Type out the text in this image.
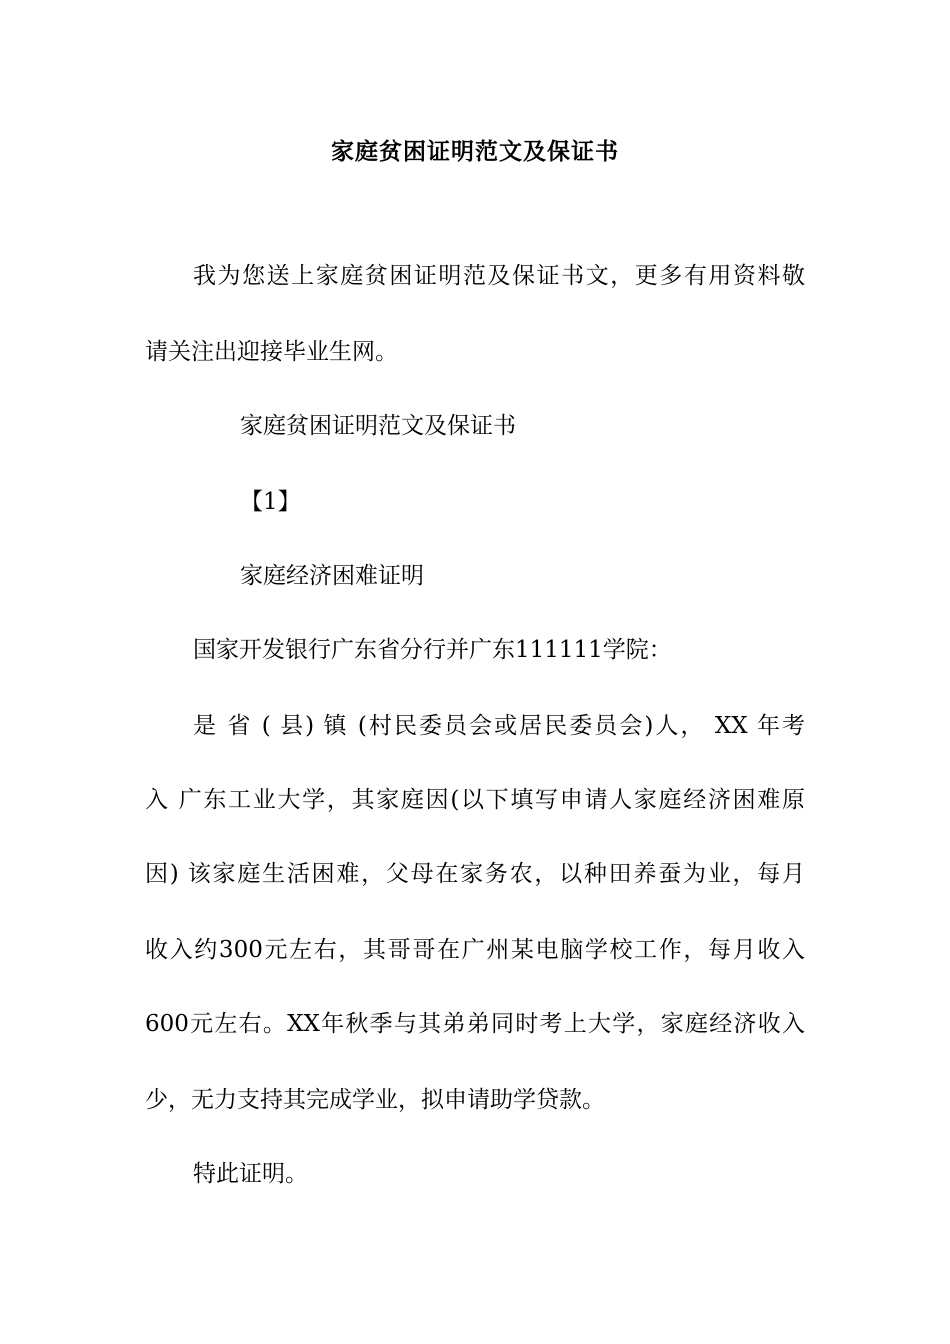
家庭贫困证明范文及保证书
我为您送上家庭贫困证明范及保证书文，更多有用资料敬
请关注出迎接毕业生网。
家庭贫困证明范文及保证书
【1】
家庭经济困难证明
国家开发银行广东省分行并广东111111学院：
是 省 ( 县) 镇 (村民委员会或居民委员会)人， XX 年考
入 广东工业大学，其家庭因(以下填写申请人家庭经济困难原
因) 该家庭生活困难，父母在家务农，以种田养蚕为业，每月
收入约300元左右，其哥哥在广州某电脑学校工作，每月收入
600元左右。XX年秋季与其弟弟同时考上大学，家庭经济收入
少，无力支持其完成学业，拟申请助学贷款。
特此证明。
